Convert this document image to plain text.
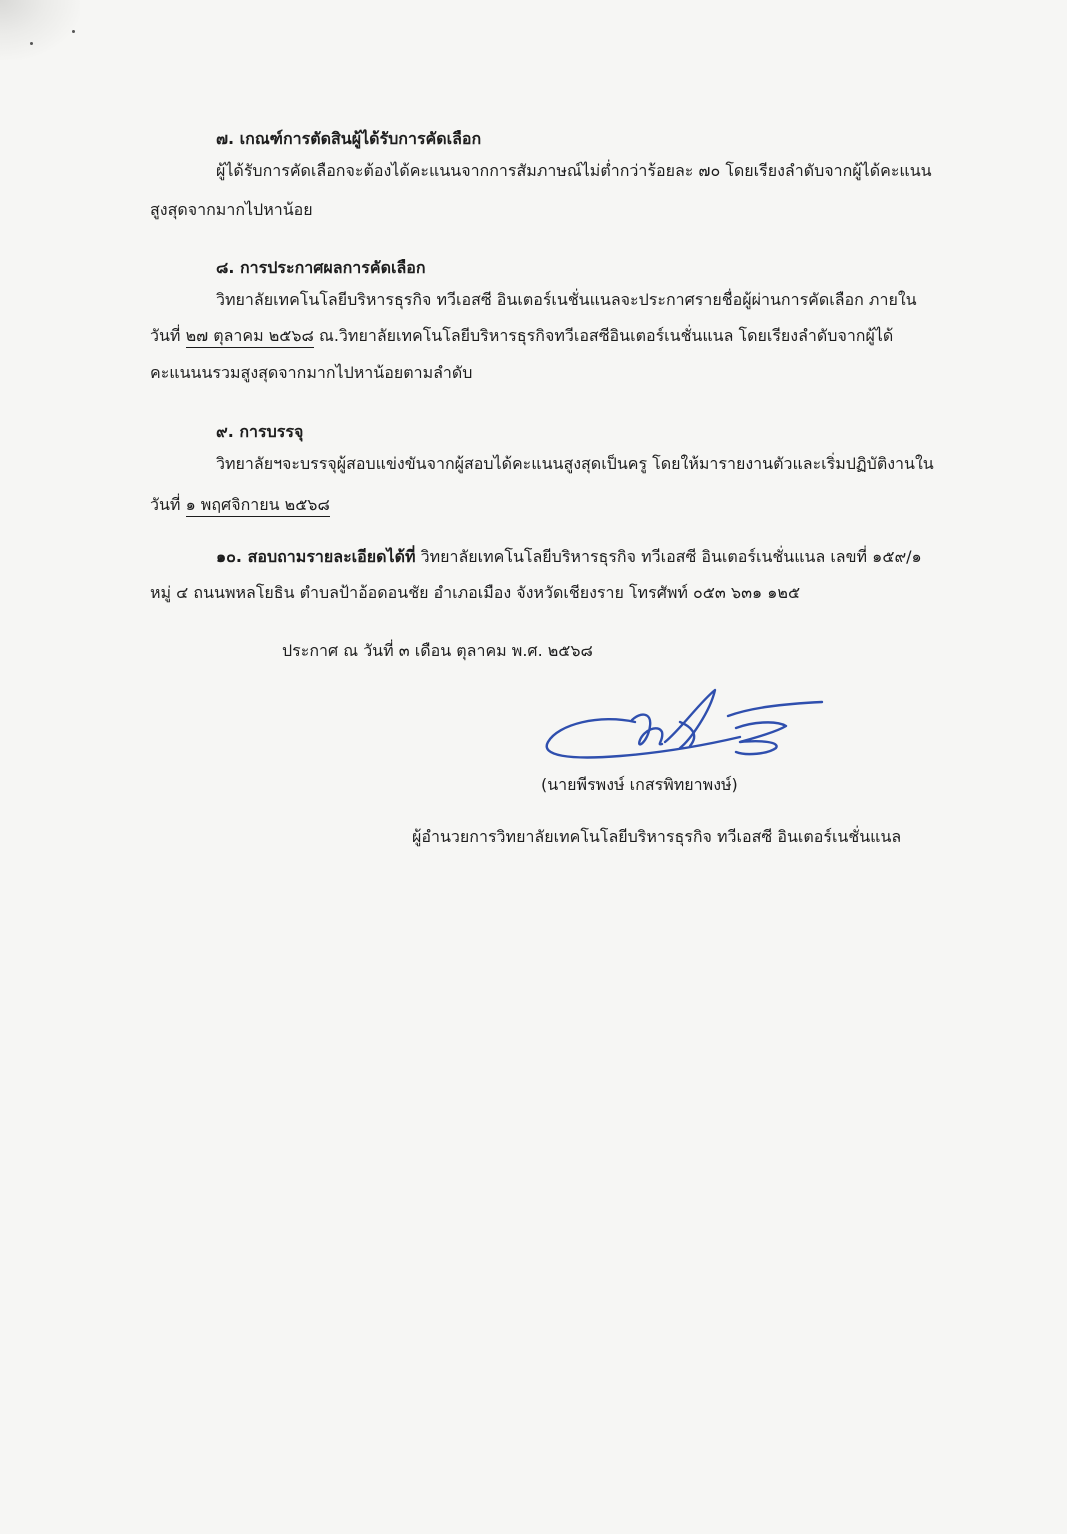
๗. เกณฑ์การตัดสินผู้ได้รับการคัดเลือก
ผู้ได้รับการคัดเลือกจะต้องได้คะแนนจากการสัมภาษณ์ไม่ต่ำกว่าร้อยละ ๗๐ โดยเรียงลำดับจากผู้ได้คะแนน
สูงสุดจากมากไปหาน้อย
๘. การประกาศผลการคัดเลือก
วิทยาลัยเทคโนโลยีบริหารธุรกิจ ทวีเอสซี อินเตอร์เนชั่นแนลจะประกาศรายชื่อผู้ผ่านการคัดเลือก ภายใน
วันที่ ๒๗ ตุลาคม ๒๕๖๘ ณ.วิทยาลัยเทคโนโลยีบริหารธุรกิจทวีเอสซีอินเตอร์เนชั่นแนล โดยเรียงลำดับจากผู้ได้
คะแนนนรวมสูงสุดจากมากไปหาน้อยตามลำดับ
๙. การบรรจุ
วิทยาลัยฯจะบรรจุผู้สอบแข่งขันจากผู้สอบได้คะแนนสูงสุดเป็นครู โดยให้มารายงานตัวและเริ่มปฏิบัติงานใน
วันที่ ๑ พฤศจิกายน ๒๕๖๘
๑๐. สอบถามรายละเอียดได้ที่ วิทยาลัยเทคโนโลยีบริหารธุรกิจ ทวีเอสซี อินเตอร์เนชั่นแนล เลขที่ ๑๕๙/๑
หมู่ ๔ ถนนพหลโยธิน ตำบลป้าอ้อดอนชัย อำเภอเมือง จังหวัดเชียงราย โทรศัพท์ ๐๕๓ ๖๓๑ ๑๒๕
ประกาศ ณ วันที่ ๓ เดือน ตุลาคม พ.ศ. ๒๕๖๘
(นายพีรพงษ์ เกสรพิทยาพงษ์)
ผู้อำนวยการวิทยาลัยเทคโนโลยีบริหารธุรกิจ ทวีเอสซี อินเตอร์เนชั่นแนล
